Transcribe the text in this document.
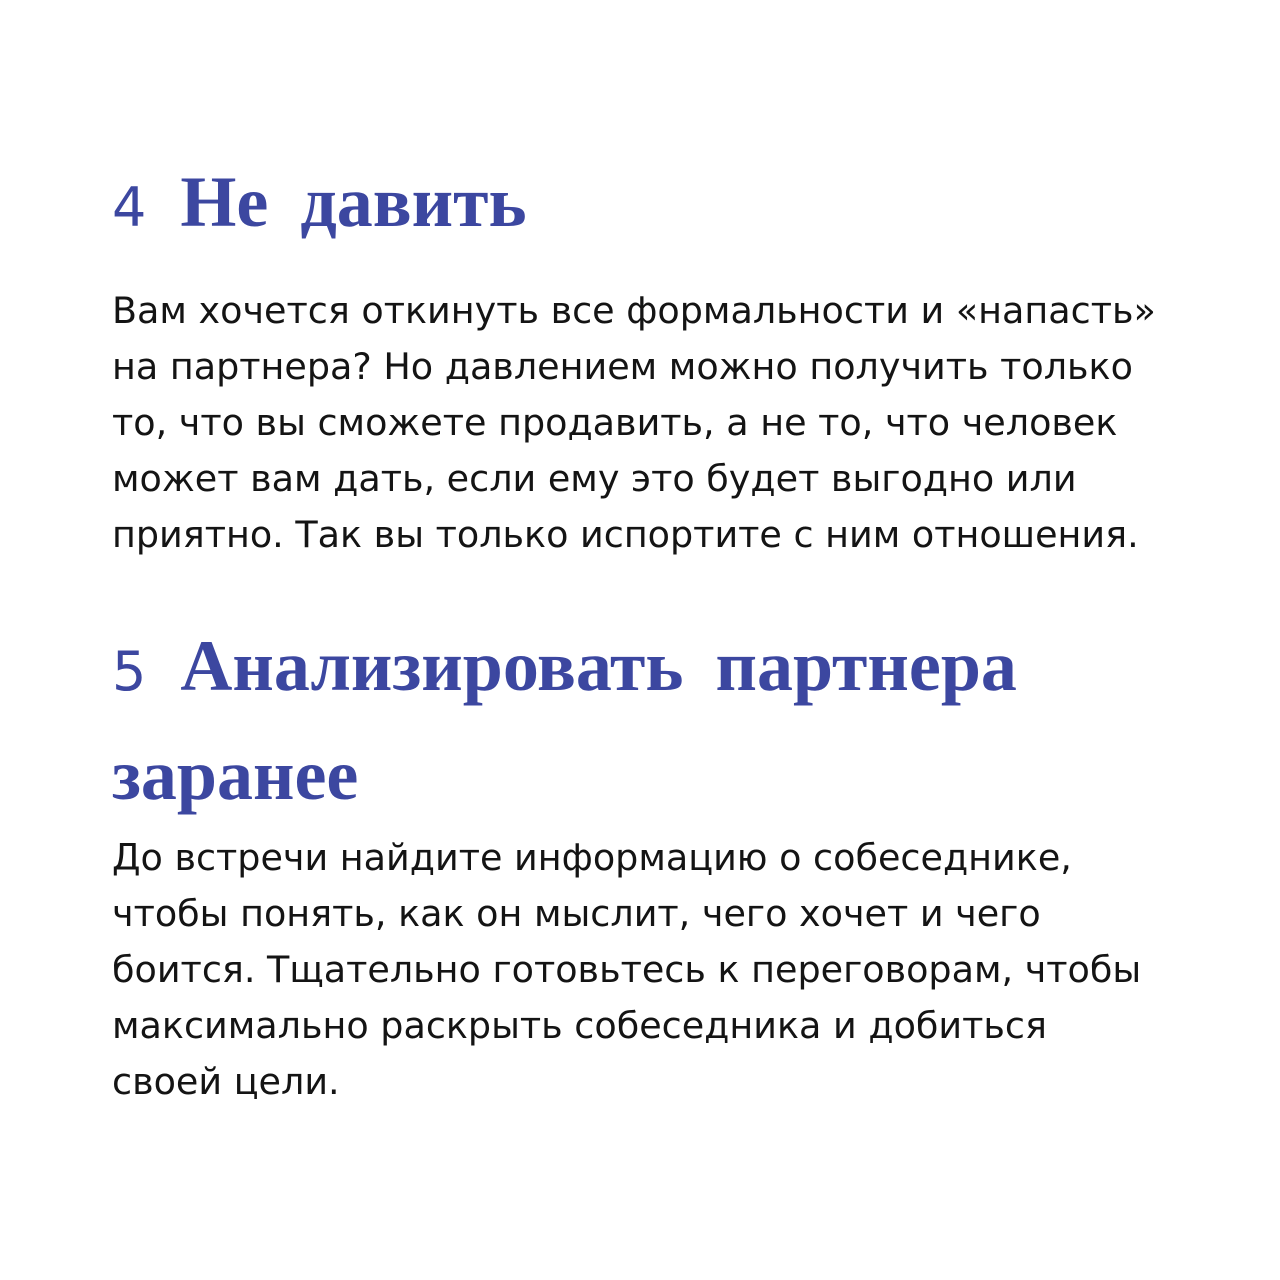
4 Не давить

Вам хочется откинуть все формальности и «напасть»
на партнера? Но давлением можно получить только
то, что вы сможете продавить, а не то, что человек
может вам дать, если ему это будет выгодно или
приятно. Так вы только испортите с ним отношения.

5 Анализировать партнера
заранее

До встречи найдите информацию о собеседнике,
чтобы понять, как он мыслит, чего хочет и чего
боится. Тщательно готовьтесь к переговорам, чтобы
максимально раскрыть собеседника и добиться
своей цели.
